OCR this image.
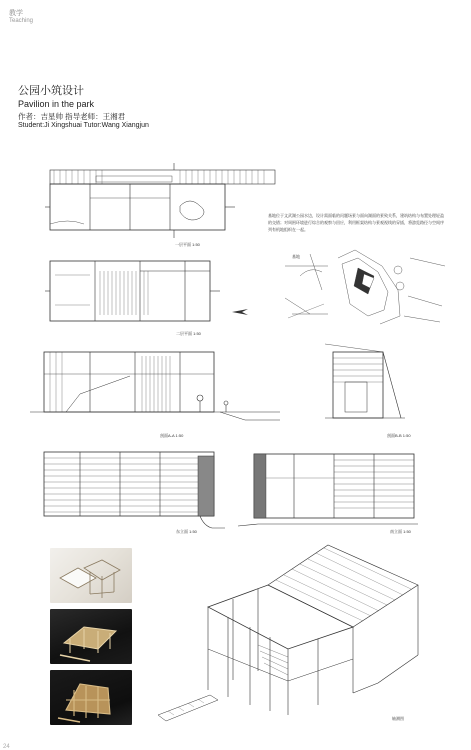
教学
Teaching
公园小筑设计
Pavilion in the park
作者：吉星帅 指导老师：王湘君
Student:Ji Xingshuai Tutor:Wang Xiangjun
一层平面 1:50
基地位于文武湖公园水边，设计需面临的问题场景与面向湖面的景致关系，建筑结构与布置处理轻盈的交错；对周围环境进行综合的观察与回应，利用框架结构与景观视线的穿插，将游览路径与空间序列有机地组织在一起。
二层平面 1:50
基地
剖面A-A 1:50	剖面B-B 1:50
东立面 1:50	南立面 1:50
轴测图
24
